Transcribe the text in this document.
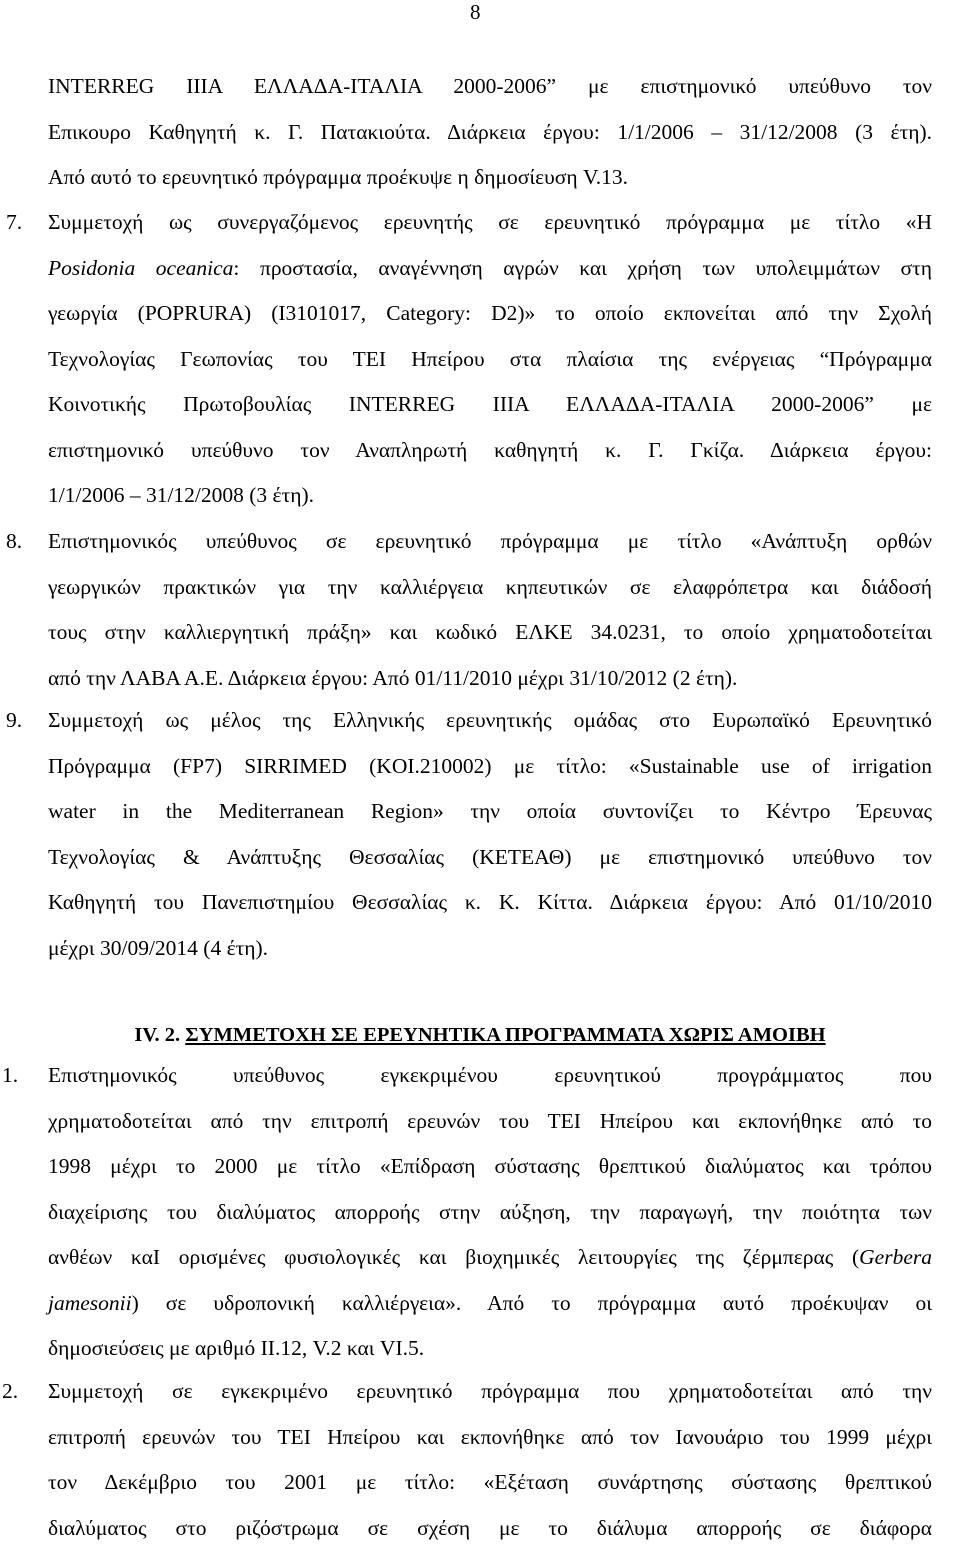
8
INTERREG IIIA ΕΛΛΑΔΑ-ΙΤΑΛΙΑ 2000-2006” με επιστημονικό υπεύθυνο τον
Επικουρο Καθηγητή κ. Γ. Πατακιούτα. Διάρκεια έργου: 1/1/2006 – 31/12/2008 (3 έτη).
Από αυτό το ερευνητικό πρόγραμμα προέκυψε η δημοσίευση V.13.
7.	Συμμετοχή ως συνεργαζόμενος ερευνητής σε ερευνητικό πρόγραμμα με τίτλο «Η
Posidonia oceanica: προστασία, αναγέννηση αγρών και χρήση των υπολειμμάτων στη
γεωργία (POPRURA) (I3101017, Category: D2)» το οποίο εκπονείται από την Σχολή
Τεχνολογίας Γεωπονίας του ΤΕΙ Ηπείρου στα πλαίσια της ενέργειας “Πρόγραμμα
Κοινοτικής Πρωτοβουλίας INTERREG IIIA ΕΛΛΑΔΑ-ΙΤΑΛΙΑ 2000-2006” με
επιστημονικό υπεύθυνο τον Αναπληρωτή καθηγητή κ. Γ. Γκίζα. Διάρκεια έργου:
1/1/2006 – 31/12/2008 (3 έτη).
8.	Επιστημονικός υπεύθυνος σε ερευνητικό πρόγραμμα με τίτλο «Ανάπτυξη ορθών
γεωργικών πρακτικών για την καλλιέργεια κηπευτικών σε ελαφρόπετρα και διάδοσή
τους στην καλλιεργητική πράξη» και κωδικό ΕΛΚΕ 34.0231, το οποίο χρηματοδοτείται
από την ΛΑΒΑ Α.Ε. Διάρκεια έργου: Από 01/11/2010 μέχρι 31/10/2012 (2 έτη).
9.	Συμμετοχή ως μέλος της Ελληνικής ερευνητικής ομάδας στο Ευρωπαϊκό Ερευνητικό
Πρόγραμμα (FP7) SIRRIMED (KOI.210002) με τίτλο: «Sustainable use of irrigation
water in the Mediterranean Region» την οποία συντονίζει το Κέντρο Έρευνας
Τεχνολογίας & Ανάπτυξης Θεσσαλίας (ΚΕΤΕΑΘ) με επιστημονικό υπεύθυνο τον
Καθηγητή του Πανεπιστημίου Θεσσαλίας κ. Κ. Κίττα. Διάρκεια έργου: Από 01/10/2010
μέχρι 30/09/2014 (4 έτη).
IV. 2. ΣΥΜΜΕΤΟΧΗ ΣΕ ΕΡΕΥΝΗΤΙΚΑ ΠΡΟΓΡΑΜΜΑΤΑ ΧΩΡΙΣ ΑΜΟΙΒΗ
1.	Επιστημονικός υπεύθυνος εγκεκριμένου ερευνητικού προγράμματος που
χρηματοδοτείται από την επιτροπή ερευνών του ΤΕΙ Ηπείρου και εκπονήθηκε από το
1998 μέχρι το 2000 με τίτλο «Επίδραση σύστασης θρεπτικού διαλύματος και τρόπου
διαχείρισης του διαλύματος απορροής στην αύξηση, την παραγωγή, την ποιότητα των
ανθέων καI ορισμένες φυσιολογικές και βιοχημικές λειτουργίες της ζέρμπερας (Gerbera
jamesonii) σε υδροπονική καλλιέργεια». Από το πρόγραμμα αυτό προέκυψαν οι
δημοσιεύσεις με αριθμό ΙΙ.12, V.2 και VI.5.
2.	Συμμετοχή σε εγκεκριμένο ερευνητικό πρόγραμμα που χρηματοδοτείται από την
επιτροπή ερευνών του ΤΕΙ Ηπείρου και εκπονήθηκε από τον Ιανουάριο του 1999 μέχρι
τον Δεκέμβριο του 2001 με τίτλο: «Εξέταση συνάρτησης σύστασης θρεπτικού
διαλύματος στο ριζόστρωμα σε σχέση με το διάλυμα απορροής σε διάφορα
